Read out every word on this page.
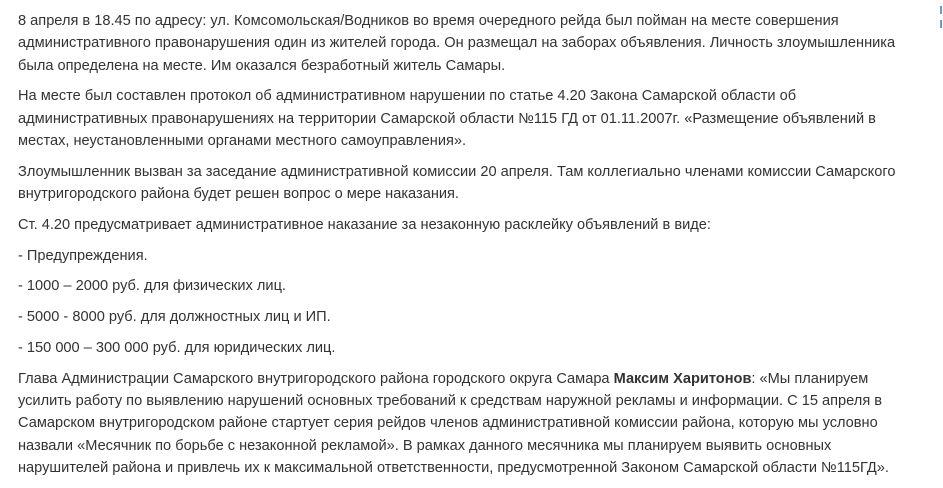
8 апреля в 18.45 по адресу: ул. Комсомольская/Водников во время очередного рейда был пойман на месте совершения административного правонарушения один из жителей города. Он размещал на заборах объявления. Личность злоумышленника была определена на месте. Им оказался безработный житель Самары.

На месте был составлен протокол об административном нарушении по статье 4.20 Закона Самарской области об административных правонарушениях на территории Самарской области №115 ГД от 01.11.2007г. «Размещение объявлений в местах, неустановленными органами местного самоуправления».

Злоумышленник вызван за заседание административной комиссии 20 апреля. Там коллегиально членами комиссии Самарского внутригородского района будет решен вопрос о мере наказания.

Ст. 4.20 предусматривает административное наказание за незаконную расклейку объявлений в виде:

- Предупреждения.

- 1000 – 2000 руб. для физических лиц.

- 5000 - 8000 руб. для должностных лиц и ИП.

- 150 000 – 300 000 руб. для юридических лиц.

Глава Администрации Самарского внутригородского района городского округа Самара Максим Харитонов: «Мы планируем усилить работу по выявлению нарушений основных требований к средствам наружной рекламы и информации. С 15 апреля в Самарском внутригородском районе стартует серия рейдов членов административной комиссии района, которую мы условно назвали «Месячник по борьбе с незаконной рекламой». В рамках данного месячника мы планируем выявить основных нарушителей района и привлечь их к максимальной ответственности, предусмотренной Законом Самарской области №115ГД».
